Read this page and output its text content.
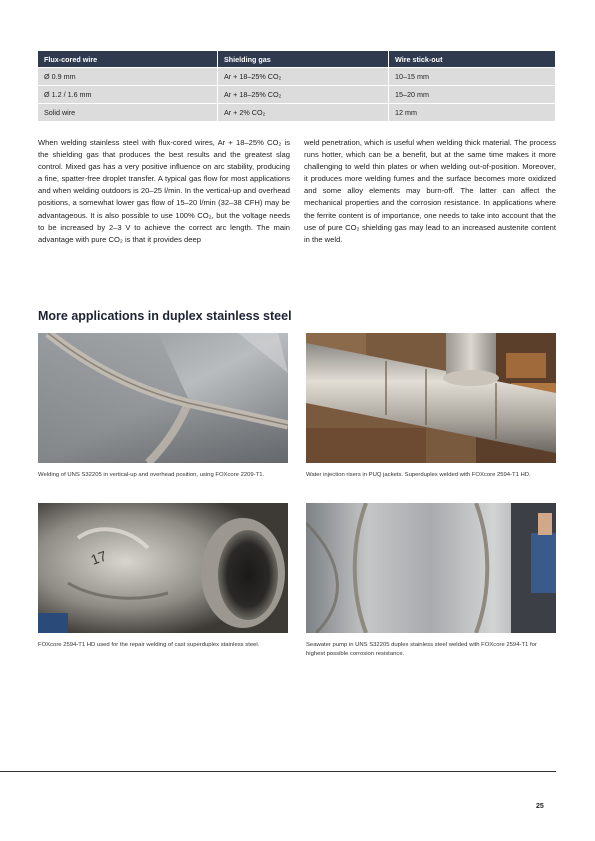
Flux-cored wire	Shielding gas	Wire stick-out
Ø 0.9 mm	Ar + 18–25% CO₂	10–15 mm
Ø 1.2 / 1.6 mm	Ar + 18–25% CO₂	15–20 mm
Solid wire	Ar + 2% CO₂	12 mm

When welding stainless steel with flux-cored wires, Ar + 18–25% CO₂ is the shielding gas that produces the best results and the greatest slag control. Mixed gas has a very positive influence on arc stability, producing a fine, spatter-free droplet transfer. A typical gas flow for most applications and when welding outdoors is 20–25 l/min. In the vertical-up and overhead positions, a somewhat lower gas flow of 15–20 l/min (32–38 CFH) may be advantageous. It is also possible to use 100% CO₂, but the voltage needs to be increased by 2–3 V to achieve the correct arc length. The main advantage with pure CO₂ is that it provides deep

weld penetration, which is useful when welding thick material. The process runs hotter, which can be a benefit, but at the same time makes it more challenging to weld thin plates or when welding out-of-position. Moreover, it produces more welding fumes and the surface becomes more oxidized and some alloy elements may burn-off. The latter can affect the mechanical properties and the corrosion resistance. In applications where the ferrite content is of importance, one needs to take into account that the use of pure CO₂ shielding gas may lead to an increased austenite content in the weld.

More applications in duplex stainless steel
Welding of UNS S32205 in vertical-up and overhead position, using FOXcore 2209-T1.	Water injection risers in PUQ jackets. Superduplex welded with FOXcore 2594-T1 HD.
17
FOXcore 2594-T1 HD used for the repair welding of cast superduplex stainless steel.	Seawater pump in UNS S32205 duplex stainless steel welded with FOXcore 2594-T1 for highest possible corrosion resistance.
25
